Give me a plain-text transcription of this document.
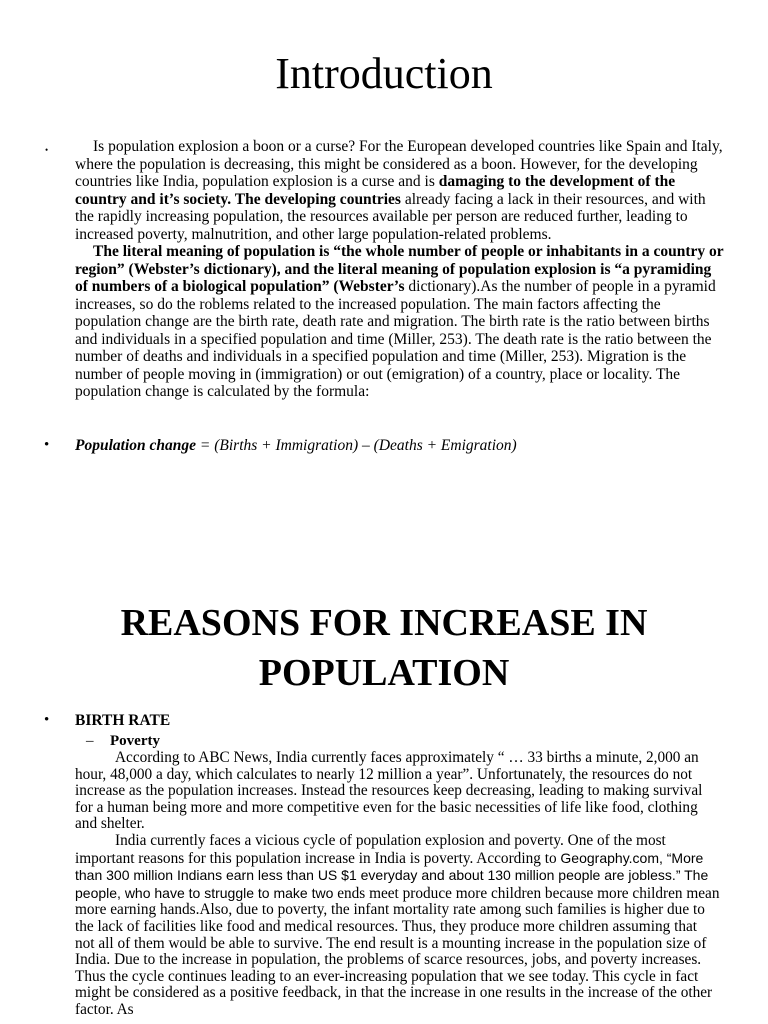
Introduction
•	Is population explosion a boon or a curse? For the European developed countries like Spain and Italy, where the population is decreasing, this might be considered as a boon. However, for the developing countries like India, population explosion is a curse and is damaging to the development of the country and it’s society. The developing countries already facing a lack in their resources, and with the rapidly increasing population, the resources available per person are reduced further, leading to increased poverty, malnutrition, and other large population-related problems.

The literal meaning of population is “the whole number of people or inhabitants in a country or region” (Webster’s dictionary), and the literal meaning of population explosion is “a pyramiding of numbers of a biological population” (Webster’s dictionary).As the number of people in a pyramid increases, so do the roblems related to the increased population. The main factors affecting the population change are the birth rate, death rate and migration. The birth rate is the ratio between births and individuals in a specified population and time (Miller, 253). The death rate is the ratio between the number of deaths and individuals in a specified population and time (Miller, 253). Migration is the number of people moving in (immigration) or out (emigration) of a country, place or locality. The population change is calculated by the formula:

• Population change = (Births + Immigration) – (Deaths + Emigration)
REASONS FOR INCREASE IN
POPULATION
• BIRTH RATE
– Poverty

According to ABC News, India currently faces approximately “ … 33 births a minute, 2,000 an hour, 48,000 a day, which calculates to nearly 12 million a year”. Unfortunately, the resources do not increase as the population increases. Instead the resources keep decreasing, leading to making survival for a human being more and more competitive even for the basic necessities of life like food, clothing and shelter.

India currently faces a vicious cycle of population explosion and poverty. One of the most important reasons for this population increase in India is poverty. According to Geography.com, “More than 300 million Indians earn less than US $1 everyday and about 130 million people are jobless.” The people, who have to struggle to make two ends meet produce more children because more children mean more earning hands.Also, due to poverty, the infant mortality rate among such families is higher due to the lack of facilities like food and medical resources. Thus, they produce more children assuming that not all of them would be able to survive. The end result is a mounting increase in the population size of India. Due to the increase in population, the problems of scarce resources, jobs, and poverty increases. Thus the cycle continues leading to an ever-increasing population that we see today. This cycle in fact might be considered as a positive feedback, in that the increase in one results in the increase of the other factor. As
